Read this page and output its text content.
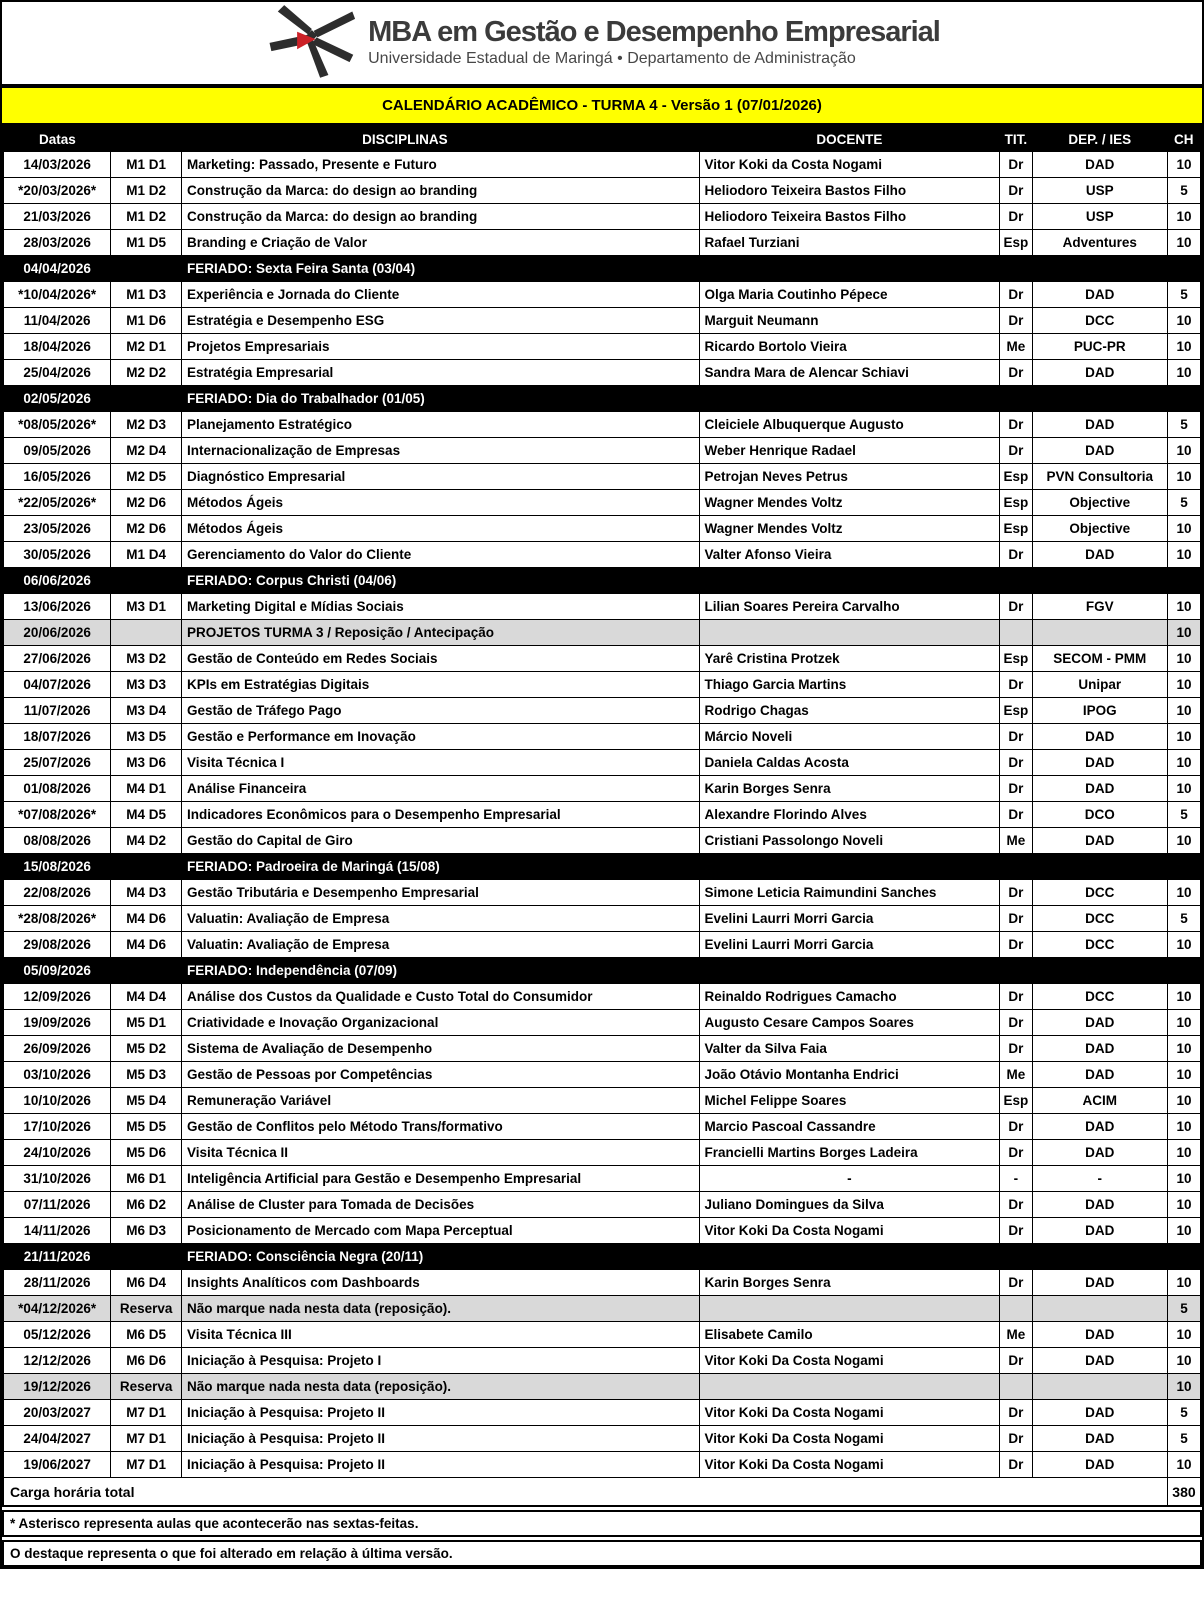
MBA em Gestão e Desempenho Empresarial
Universidade Estadual de Maringá • Departamento de Administração
CALENDÁRIO ACADÊMICO - TURMA 4 - Versão 1 (07/01/2026)
Datas	DISCIPLINAS		DOCENTE	TIT.	DEP. / IES	CH
14/03/2026	M1 D1	Marketing: Passado, Presente e Futuro	Vitor Koki da Costa Nogami	Dr	DAD	10
*20/03/2026*	M1 D2	Construção da Marca: do design ao branding	Heliodoro Teixeira Bastos Filho	Dr	USP	5
21/03/2026	M1 D2	Construção da Marca: do design ao branding	Heliodoro Teixeira Bastos Filho	Dr	USP	10
28/03/2026	M1 D5	Branding e Criação de Valor	Rafael Turziani	Esp	Adventures	10
04/04/2026		FERIADO: Sexta Feira Santa (03/04)				
*10/04/2026*	M1 D3	Experiência e Jornada do Cliente	Olga Maria Coutinho Pépece	Dr	DAD	5
11/04/2026	M1 D6	Estratégia e Desempenho ESG	Marguit Neumann	Dr	DCC	10
18/04/2026	M2 D1	Projetos Empresariais	Ricardo Bortolo Vieira	Me	PUC-PR	10
25/04/2026	M2 D2	Estratégia Empresarial	Sandra Mara de Alencar Schiavi	Dr	DAD	10
02/05/2026		FERIADO: Dia do Trabalhador (01/05)				
*08/05/2026*	M2 D3	Planejamento Estratégico	Cleiciele Albuquerque Augusto	Dr	DAD	5
09/05/2026	M2 D4	Internacionalização de Empresas	Weber Henrique Radael	Dr	DAD	10
16/05/2026	M2 D5	Diagnóstico Empresarial	Petrojan Neves Petrus	Esp	PVN Consultoria	10
*22/05/2026*	M2 D6	Métodos Ágeis	Wagner Mendes Voltz	Esp	Objective	5
23/05/2026	M2 D6	Métodos Ágeis	Wagner Mendes Voltz	Esp	Objective	10
30/05/2026	M1 D4	Gerenciamento do Valor do Cliente	Valter Afonso Vieira	Dr	DAD	10
06/06/2026		FERIADO: Corpus Christi (04/06)				
13/06/2026	M3 D1	Marketing Digital e Mídias Sociais	Lilian Soares Pereira Carvalho	Dr	FGV	10
20/06/2026		PROJETOS TURMA 3 / Reposição / Antecipação				10
27/06/2026	M3 D2	Gestão de Conteúdo em Redes Sociais	Yarê Cristina Protzek	Esp	SECOM - PMM	10
04/07/2026	M3 D3	KPIs em Estratégias Digitais	Thiago Garcia Martins	Dr	Unipar	10
11/07/2026	M3 D4	Gestão de Tráfego Pago	Rodrigo Chagas	Esp	IPOG	10
18/07/2026	M3 D5	Gestão e Performance em Inovação	Márcio Noveli	Dr	DAD	10
25/07/2026	M3 D6	Visita Técnica I	Daniela Caldas Acosta	Dr	DAD	10
01/08/2026	M4 D1	Análise Financeira	Karin Borges Senra	Dr	DAD	10
*07/08/2026*	M4 D5	Indicadores Econômicos para o Desempenho Empresarial	Alexandre Florindo Alves	Dr	DCO	5
08/08/2026	M4 D2	Gestão do Capital de Giro	Cristiani Passolongo Noveli	Me	DAD	10
15/08/2026		FERIADO: Padroeira de Maringá (15/08)				
22/08/2026	M4 D3	Gestão Tributária e Desempenho Empresarial	Simone Leticia Raimundini Sanches	Dr	DCC	10
*28/08/2026*	M4 D6	Valuatin: Avaliação de Empresa	Evelini Laurri Morri Garcia	Dr	DCC	5
29/08/2026	M4 D6	Valuatin: Avaliação de Empresa	Evelini Laurri Morri Garcia	Dr	DCC	10
05/09/2026		FERIADO: Independência (07/09)				
12/09/2026	M4 D4	Análise dos Custos da Qualidade e Custo Total do Consumidor	Reinaldo Rodrigues Camacho	Dr	DCC	10
19/09/2026	M5 D1	Criatividade e Inovação Organizacional	Augusto Cesare Campos Soares	Dr	DAD	10
26/09/2026	M5 D2	Sistema de Avaliação de Desempenho	Valter da Silva Faia	Dr	DAD	10
03/10/2026	M5 D3	Gestão de Pessoas por Competências	João Otávio Montanha Endrici	Me	DAD	10
10/10/2026	M5 D4	Remuneração Variável	Michel Felippe Soares	Esp	ACIM	10
17/10/2026	M5 D5	Gestão de Conflitos pelo Método Trans/formativo	Marcio Pascoal Cassandre	Dr	DAD	10
24/10/2026	M5 D6	Visita Técnica II	Francielli Martins Borges Ladeira	Dr	DAD	10
31/10/2026	M6 D1	Inteligência Artificial para Gestão e Desempenho Empresarial	-	-	-	10
07/11/2026	M6 D2	Análise de Cluster para Tomada de Decisões	Juliano Domingues da Silva	Dr	DAD	10
14/11/2026	M6 D3	Posicionamento de Mercado com Mapa Perceptual	Vitor Koki Da Costa Nogami	Dr	DAD	10
21/11/2026		FERIADO: Consciência Negra (20/11)				
28/11/2026	M6 D4	Insights Analíticos com Dashboards	Karin Borges Senra	Dr	DAD	10
*04/12/2026*	Reserva	Não marque nada nesta data (reposição).				5
05/12/2026	M6 D5	Visita Técnica III	Elisabete Camilo	Me	DAD	10
12/12/2026	M6 D6	Iniciação à Pesquisa: Projeto I	Vitor Koki Da Costa Nogami	Dr	DAD	10
19/12/2026	Reserva	Não marque nada nesta data (reposição).				10
20/03/2027	M7 D1	Iniciação à Pesquisa: Projeto II	Vitor Koki Da Costa Nogami	Dr	DAD	5
24/04/2027	M7 D1	Iniciação à Pesquisa: Projeto II	Vitor Koki Da Costa Nogami	Dr	DAD	5
19/06/2027	M7 D1	Iniciação à Pesquisa: Projeto II	Vitor Koki Da Costa Nogami	Dr	DAD	10
Carga horária total						380
* Asterisco representa aulas que acontecerão nas sextas-feitas.
O destaque representa o que foi alterado em relação à última versão.
